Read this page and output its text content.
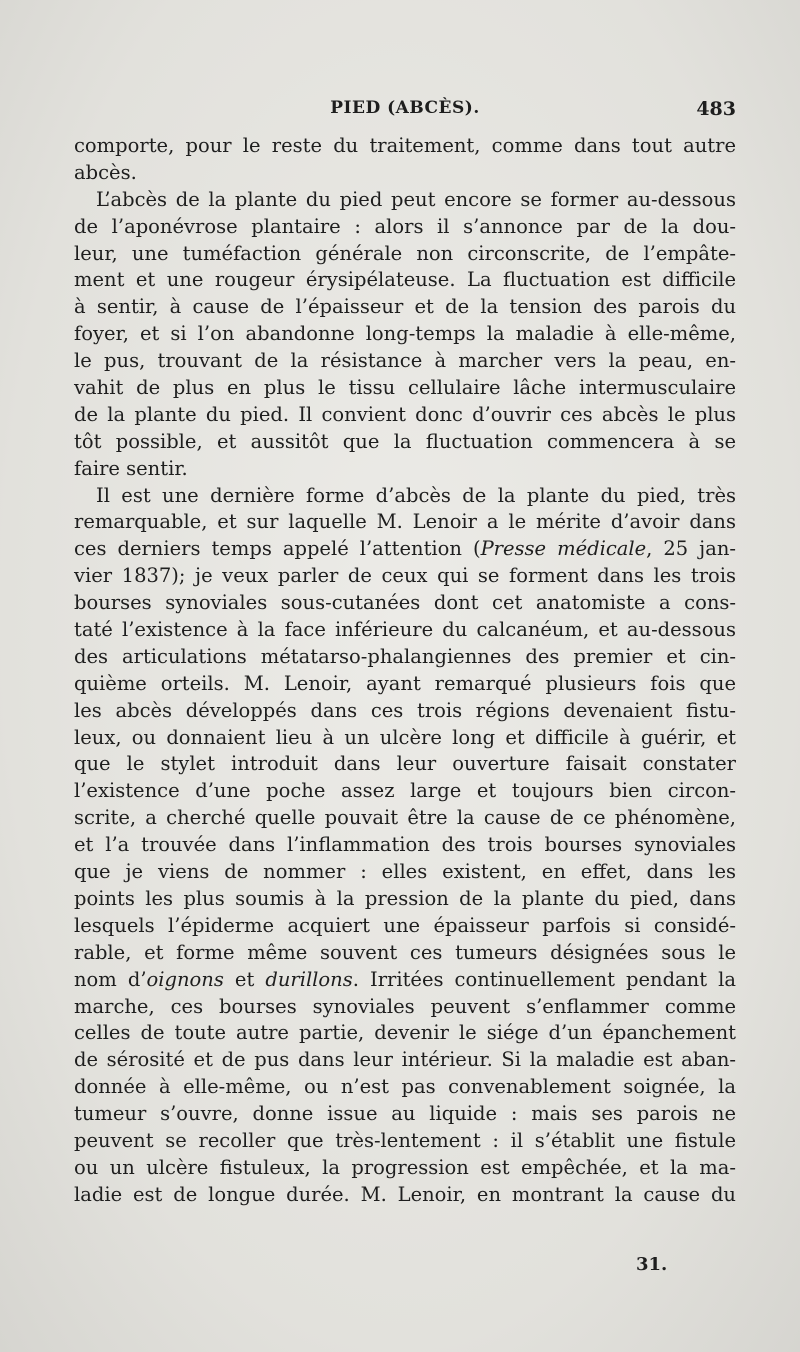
PIED (ABCÈS).	483
comporte, pour le reste du traitement, comme dans tout autre
abcès.
L’abcès de la plante du pied peut encore se former au-dessous
de l’aponévrose plantaire : alors il s’annonce par de la dou-
leur, une tuméfaction générale non circonscrite, de l’empâte-
ment et une rougeur érysipélateuse. La fluctuation est difficile
à sentir, à cause de l’épaisseur et de la tension des parois du
foyer, et si l’on abandonne long-temps la maladie à elle-même,
le pus, trouvant de la résistance à marcher vers la peau, en-
vahit de plus en plus le tissu cellulaire lâche intermusculaire
de la plante du pied. Il convient donc d’ouvrir ces abcès le plus
tôt possible, et aussitôt que la fluctuation commencera à se
faire sentir.
Il est une dernière forme d’abcès de la plante du pied, très
remarquable, et sur laquelle M. Lenoir a le mérite d’avoir dans
ces derniers temps appelé l’attention (Presse médicale, 25 jan-
vier 1837); je veux parler de ceux qui se forment dans les trois
bourses synoviales sous-cutanées dont cet anatomiste a cons-
taté l’existence à la face inférieure du calcanéum, et au-dessous
des articulations métatarso-phalangiennes des premier et cin-
quième orteils. M. Lenoir, ayant remarqué plusieurs fois que
les abcès développés dans ces trois régions devenaient fistu-
leux, ou donnaient lieu à un ulcère long et difficile à guérir, et
que le stylet introduit dans leur ouverture faisait constater
l’existence d’une poche assez large et toujours bien circon-
scrite, a cherché quelle pouvait être la cause de ce phénomène,
et l’a trouvée dans l’inflammation des trois bourses synoviales
que je viens de nommer : elles existent, en effet, dans les
points les plus soumis à la pression de la plante du pied, dans
lesquels l’épiderme acquiert une épaisseur parfois si considé-
rable, et forme même souvent ces tumeurs désignées sous le
nom d’oignons et durillons. Irritées continuellement pendant la
marche, ces bourses synoviales peuvent s’enflammer comme
celles de toute autre partie, devenir le siége d’un épanchement
de sérosité et de pus dans leur intérieur. Si la maladie est aban-
donnée à elle-même, ou n’est pas convenablement soignée, la
tumeur s’ouvre, donne issue au liquide : mais ses parois ne
peuvent se recoller que très-lentement : il s’établit une fistule
ou un ulcère fistuleux, la progression est empêchée, et la ma-
ladie est de longue durée. M. Lenoir, en montrant la cause du
31.
